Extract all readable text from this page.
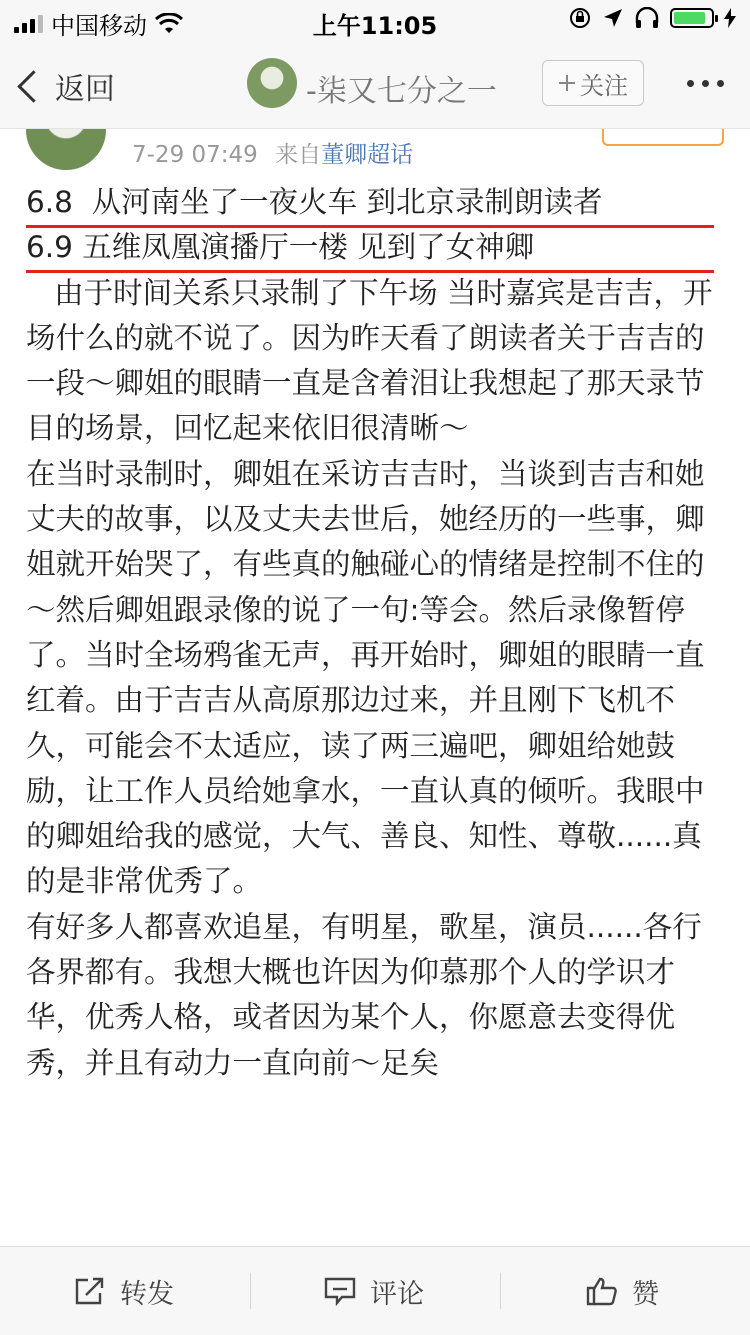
中国移动	上午11:05
返回	-柒又七分之一	关注
7-29 07:49 来自董卿超话

6.8  从河南坐了一夜火车 到北京录制朗读者

6.9 五维凤凰演播厅一楼 见到了女神卿

由于时间关系只录制了下午场 当时嘉宾是吉吉，开场什么的就不说了。因为昨天看了朗读者关于吉吉的一段～卿姐的眼睛一直是含着泪让我想起了那天录节目的场景，回忆起来依旧很清晰～

在当时录制时，卿姐在采访吉吉时，当谈到吉吉和她丈夫的故事，以及丈夫去世后，她经历的一些事，卿姐就开始哭了，有些真的触碰心的情绪是控制不住的～然后卿姐跟录像的说了一句:等会。然后录像暂停了。当时全场鸦雀无声，再开始时，卿姐的眼睛一直红着。由于吉吉从高原那边过来，并且刚下飞机不久，可能会不太适应，读了两三遍吧，卿姐给她鼓励，让工作人员给她拿水，一直认真的倾听。我眼中的卿姐给我的感觉，大气、善良、知性、尊敬......真的是非常优秀了。

有好多人都喜欢追星，有明星，歌星，演员......各行各界都有。我想大概也许因为仰慕那个人的学识才华，优秀人格，或者因为某个人，你愿意去变得优秀，并且有动力一直向前～足矣

转发	评论	赞
